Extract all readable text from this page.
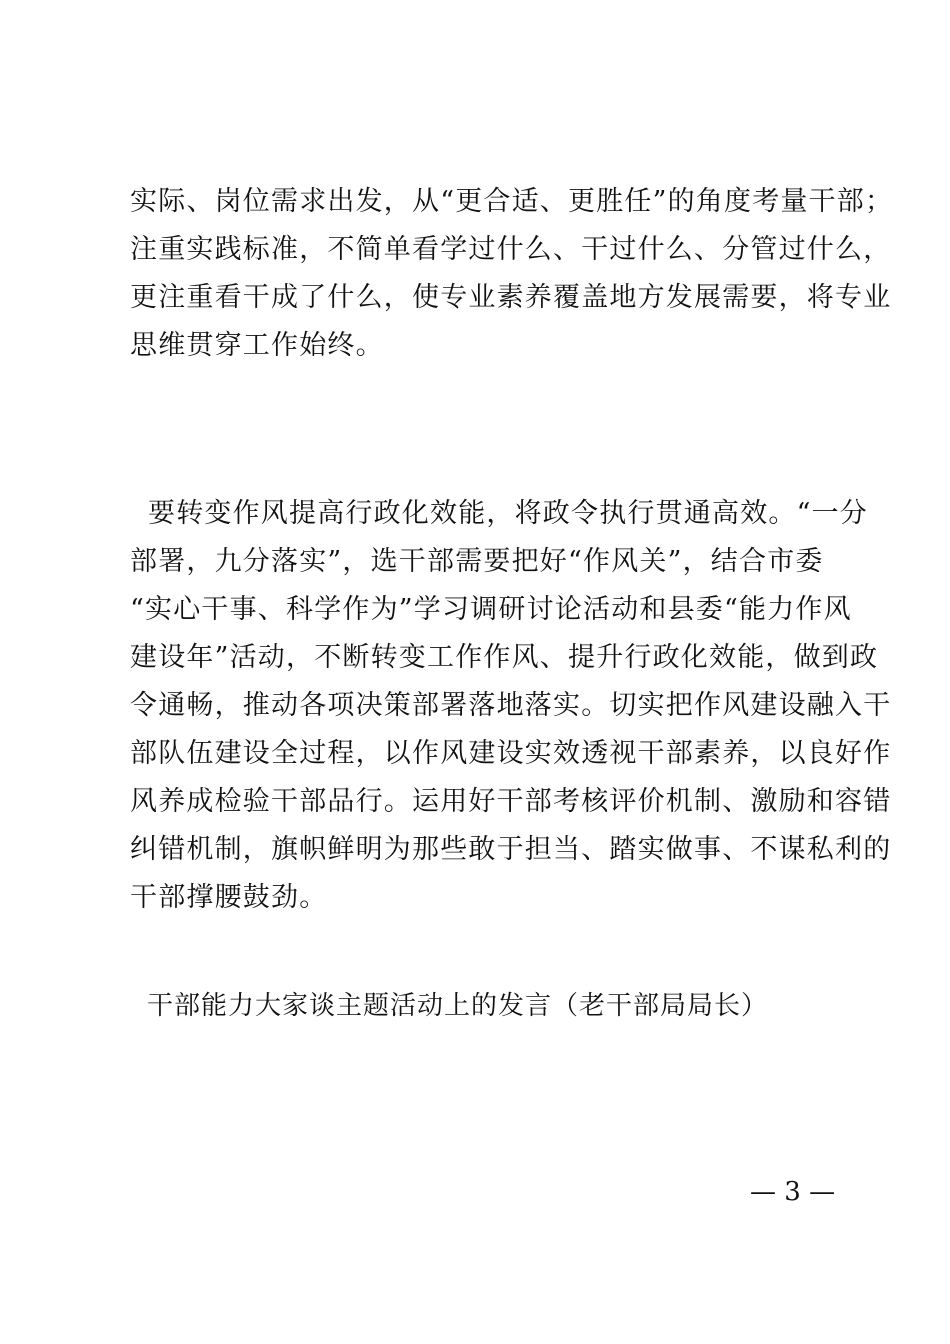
实际、岗位需求出发，从“更合适、更胜任”的角度考量干部；
注重实践标准，不简单看学过什么、干过什么、分管过什么，
更注重看干成了什么，使专业素养覆盖地方发展需要，将专业
思维贯穿工作始终。
要转变作风提高行政化效能，将政令执行贯通高效。“一分
部署，九分落实”，选干部需要把好“作风关”，结合市委
“实心干事、科学作为”学习调研讨论活动和县委“能力作风
建设年”活动，不断转变工作作风、提升行政化效能，做到政
令通畅，推动各项决策部署落地落实。切实把作风建设融入干
部队伍建设全过程，以作风建设实效透视干部素养，以良好作
风养成检验干部品行。运用好干部考核评价机制、激励和容错
纠错机制，旗帜鲜明为那些敢于担当、踏实做事、不谋私利的
干部撑腰鼓劲。
干部能力大家谈主题活动上的发言（老干部局局长）
— 3 —
